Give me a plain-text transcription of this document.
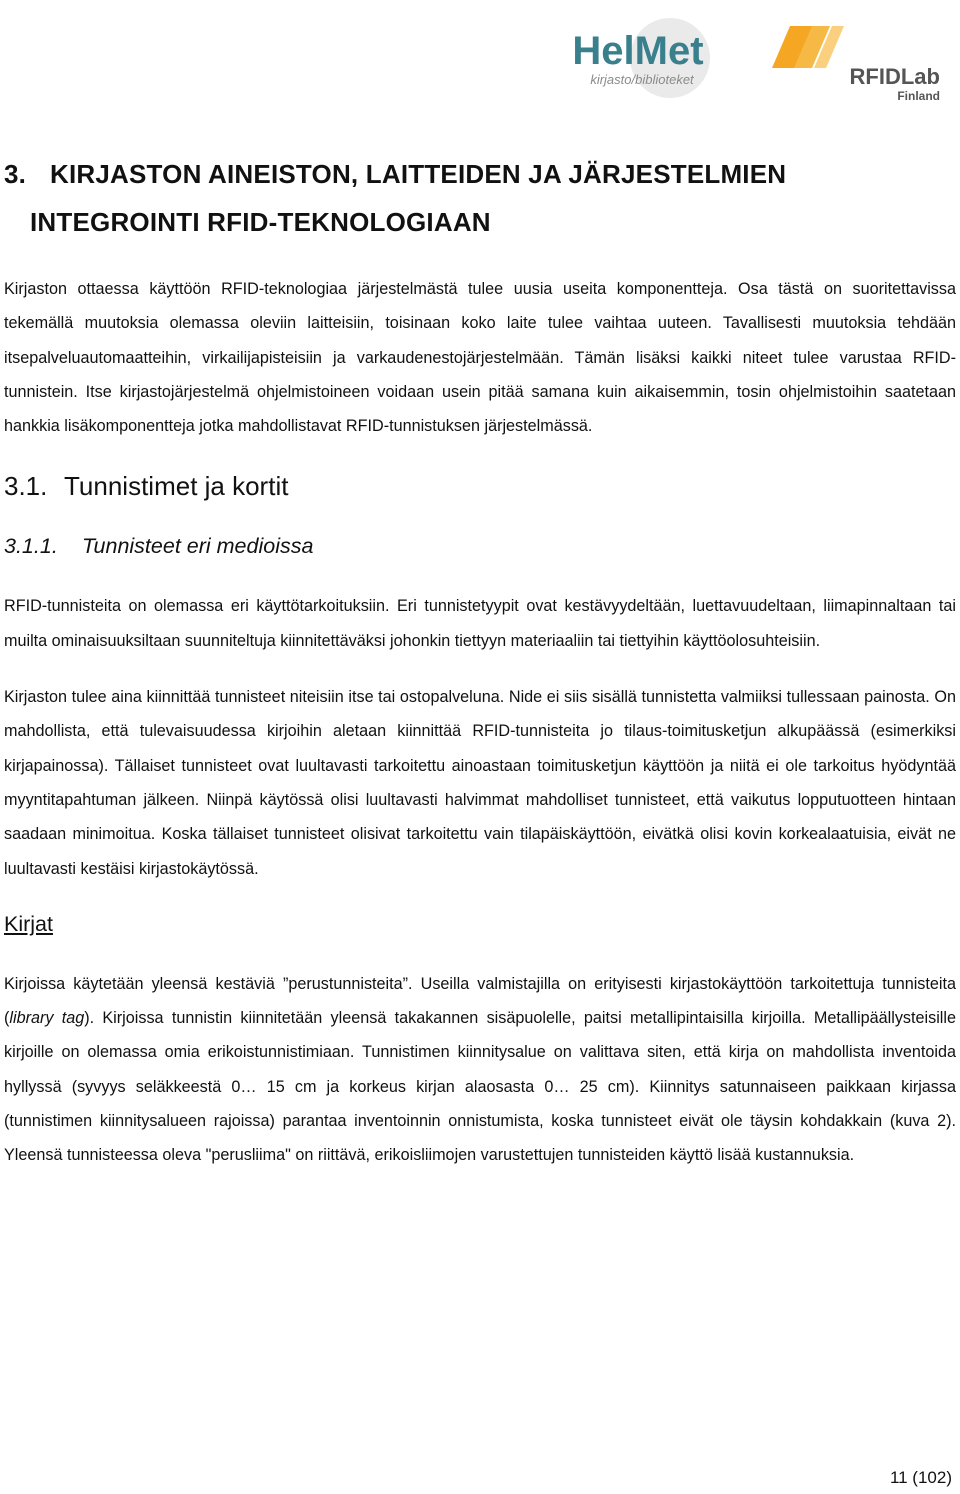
HelMet
kirjasto/biblioteket	RFIDLab
Finland
3. KIRJASTON AINEISTON, LAITTEIDEN JA JÄRJESTELMIEN
INTEGROINTI RFID-TEKNOLOGIAAN

Kirjaston ottaessa käyttöön RFID-teknologiaa järjestelmästä tulee uusia useita komponentteja. Osa tästä on suoritettavissa tekemällä muutoksia olemassa oleviin laitteisiin, toisinaan koko laite tulee vaihtaa uuteen. Tavallisesti muutoksia tehdään itsepalveluautomaatteihin, virkailijapisteisiin ja varkaudenestojärjestelmään. Tämän lisäksi kaikki niteet tulee varustaa RFID-tunnistein. Itse kirjastojärjestelmä ohjelmistoineen voidaan usein pitää samana kuin aikaisemmin, tosin ohjelmistoihin saatetaan hankkia lisäkomponentteja jotka mahdollistavat RFID-tunnistuksen järjestelmässä.

3.1. Tunnistimet ja kortit
3.1.1. Tunnisteet eri medioissa

RFID-tunnisteita on olemassa eri käyttötarkoituksiin. Eri tunnistetyypit ovat kestävyydeltään, luettavuudeltaan, liimapinnaltaan tai muilta ominaisuuksiltaan suunniteltuja kiinnitettäväksi johonkin tiettyyn materiaaliin tai tiettyihin käyttöolosuhteisiin.

Kirjaston tulee aina kiinnittää tunnisteet niteisiin itse tai ostopalveluna. Nide ei siis sisällä tunnistetta valmiiksi tullessaan painosta. On mahdollista, että tulevaisuudessa kirjoihin aletaan kiinnittää RFID-tunnisteita jo tilaus-toimitusketjun alkupäässä (esimerkiksi kirjapainossa). Tällaiset tunnisteet ovat luultavasti tarkoitettu ainoastaan toimitusketjun käyttöön ja niitä ei ole tarkoitus hyödyntää myyntitapahtuman jälkeen. Niinpä käytössä olisi luultavasti halvimmat mahdolliset tunnisteet, että vaikutus lopputuotteen hintaan saadaan minimoitua. Koska tällaiset tunnisteet olisivat tarkoitettu vain tilapäiskäyttöön, eivätkä olisi kovin korkealaatuisia, eivät ne luultavasti kestäisi kirjastokäytössä.

Kirjat

Kirjoissa käytetään yleensä kestäviä ”perustunnisteita”. Useilla valmistajilla on erityisesti kirjastokäyttöön tarkoitettuja tunnisteita (library tag). Kirjoissa tunnistin kiinnitetään yleensä takakannen sisäpuolelle, paitsi metallipintaisilla kirjoilla. Metallipäällysteisille kirjoille on olemassa omia erikoistunnistimiaan. Tunnistimen kiinnitysalue on valittava siten, että kirja on mahdollista inventoida hyllyssä (syvyys seläkkeestä 0… 15 cm ja korkeus kirjan alaosasta 0… 25 cm). Kiinnitys satunnaiseen paikkaan kirjassa (tunnistimen kiinnitysalueen rajoissa) parantaa inventoinnin onnistumista, koska tunnisteet eivät ole täysin kohdakkain (kuva 2). Yleensä tunnisteessa oleva "perusliima" on riittävä, erikoisliimojen varustettujen tunnisteiden käyttö lisää kustannuksia.

11 (102)
